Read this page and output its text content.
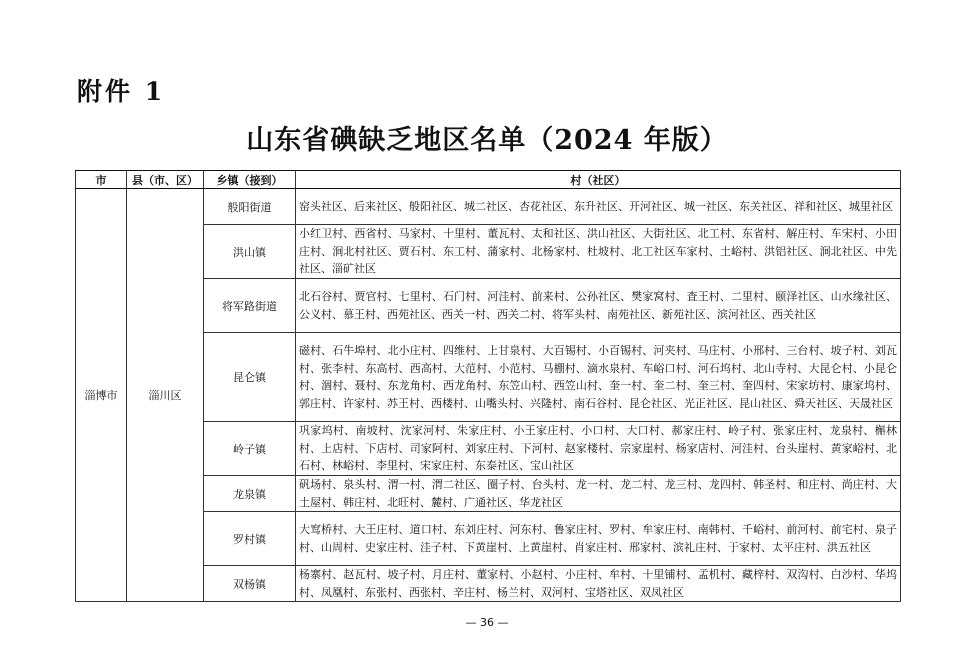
附件 1
山东省碘缺乏地区名单（2024 年版）
市	县（市、区）	乡镇（接到）	村（社区）
淄博市	淄川区	般阳街道	窑头社区、后来社区、般阳社区、城二社区、杏花社区、东升社区、开河社区、城一社区、东关社区、祥和社区、城里社区
		洪山镇	小红卫村、西省村、马家村、十里村、董瓦村、太和社区、洪山社区、大街社区、北工村、东省村、解庄村、车宋村、小田庄村、涧北村社区、贾石村、东工村、蒲家村、北杨家村、杜坡村、北工社区车家村、土峪村、洪铝社区、涧北社区、中先社区、淄矿社区
		将军路街道	北石谷村、贾官村、七里村、石门村、河洼村、前来村、公孙社区、樊家窝村、査王村、二里村、颐泽社区、山水缘社区、公义村、慕王村、西苑社区、西关一村、西关二村、将军头村、南苑社区、新苑社区、滨河社区、西关社区
		昆仑镇	磁村、石牛埠村、北小庄村、四维村、上甘泉村、大百锡村、小百锡村、河夹村、马庄村、小邢村、三台村、坡子村、刘瓦村、张李村、东高村、西高村、大范村、小范村、马棚村、滴水泉村、车峪口村、河石坞村、北山寺村、大昆仑村、小昆仑村、涸村、聂村、东龙角村、西龙角村、东笠山村、西笠山村、奎一村、奎二村、奎三村、奎四村、宋家坊村、康家坞村、郭庄村、许家村、苏王村、西楼村、山嘴头村、兴隆村、南石谷村、昆仑社区、光正社区、昆山社区、舜天社区、天晟社区
		岭子镇	巩家坞村、南坡村、沈家河村、朱家庄村、小王家庄村、小口村、大口村、郝家庄村、岭子村、张家庄村、龙泉村、槲林村、上店村、下店村、司家阿村、刘家庄村、下河村、赵家楼村、宗家崖村、杨家店村、河洼村、台头崖村、黄家峪村、北石村、林峪村、李里村、宋家庄村、东泰社区、宝山社区
		龙泉镇	矾场村、泉头村、渭一村、渭二社区、圈子村、台头村、龙一村、龙二村、龙三村、龙四村、韩圣村、和庄村、尚庄村、大土屋村、韩庄村、北旺村、麓村、广通社区、华龙社区
		罗村镇	大窎桥村、大王庄村、道口村、东刘庄村、河东村、鲁家庄村、罗村、牟家庄村、南韩村、千峪村、前河村、前宅村、泉子村、山周村、史家庄村、洼子村、下黄崖村、上黄崖村、肖家庄村、邢家村、滨礼庄村、于家村、太平庄村、洪五社区
		双杨镇	杨寨村、赵瓦村、坡子村、月庄村、董家村、小赵村、小庄村、牟村、十里铺村、孟机村、藏梓村、双沟村、白沙村、华坞村、凤凰村、东张村、西张村、辛庄村、杨兰村、双河村、宝塔社区、双凤社区
— 36 —
